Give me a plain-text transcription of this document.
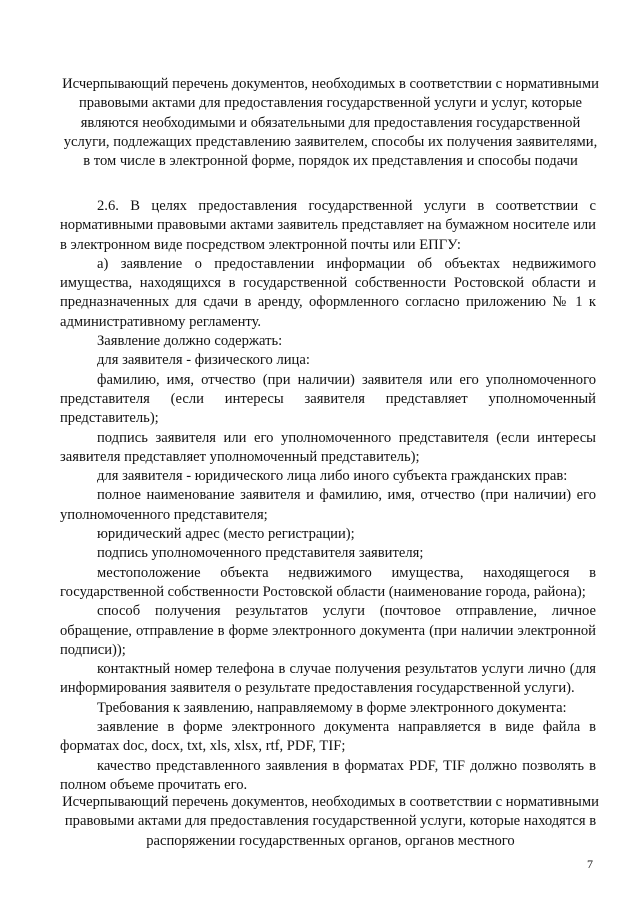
Исчерпывающий перечень документов, необходимых в соответствии с нормативными правовыми актами для предоставления государственной услуги и услуг, которые являются необходимыми и обязательными для предоставления государственной услуги, подлежащих представлению заявителем, способы их получения заявителями, в том числе в электронной форме, порядок их представления и способы подачи

2.6. В целях предоставления государственной услуги в соответствии с нормативными правовыми актами заявитель представляет на бумажном носителе или в электронном виде посредством электронной почты или ЕПГУ:

а) заявление о предоставлении информации об объектах недвижимого имущества, находящихся в государственной собственности Ростовской области и предназначенных для сдачи в аренду, оформленного согласно приложению № 1 к административному регламенту.

Заявление должно содержать:

для заявителя - физического лица:

фамилию, имя, отчество (при наличии) заявителя или его уполномоченного представителя (если интересы заявителя представляет уполномоченный представитель);

подпись заявителя или его уполномоченного представителя (если интересы заявителя представляет уполномоченный представитель);

для заявителя - юридического лица либо иного субъекта гражданских прав:

полное наименование заявителя и фамилию, имя, отчество (при наличии) его уполномоченного представителя;

юридический адрес (место регистрации);

подпись уполномоченного представителя заявителя;

местоположение объекта недвижимого имущества, находящегося в государственной собственности Ростовской области (наименование города, района);

способ получения результатов услуги (почтовое отправление, личное обращение, отправление в форме электронного документа (при наличии электронной подписи));

контактный номер телефона в случае получения результатов услуги лично (для информирования заявителя о результате предоставления государственной услуги).

Требования к заявлению, направляемому в форме электронного документа:

заявление в форме электронного документа направляется в виде файла в форматах doc, docx, txt, xls, xlsx, rtf, PDF, TIF;

качество представленного заявления в форматах PDF, TIF должно позволять в полном объеме прочитать его.

Исчерпывающий перечень документов, необходимых в соответствии с нормативными правовыми актами для предоставления государственной услуги, которые находятся в распоряжении государственных органов, органов местного
7
